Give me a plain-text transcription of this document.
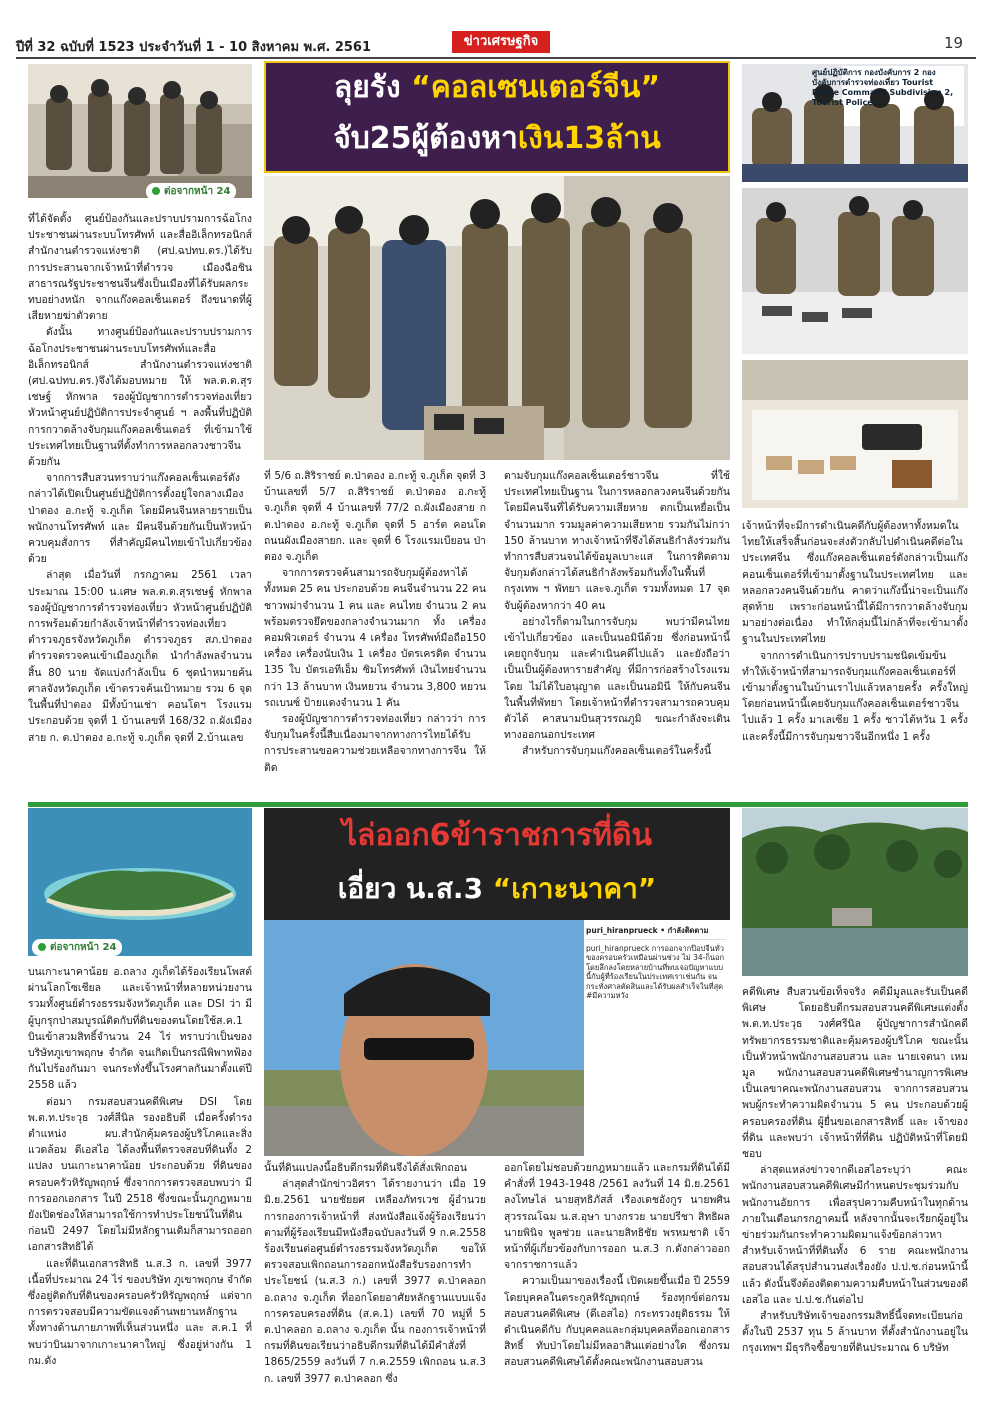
ปีที่ 32 ฉบับที่ 1523 ประจำวันที่ 1 - 10 สิงหาคม พ.ศ. 2561	ข่าวเศรษฐกิจ	19
ต่อจากหน้า 24
ลุยรัง “คอลเซนเตอร์จีน”
จับ25ผู้ต้องหาเงิน13ล้าน
ศูนย์ปฏิบัติการ กองบังคับการ 2 กองบังคับการตำรวจท่องเที่ยว Tourist Police Command Subdivision 2, Tourist Police

ที่ได้จัดตั้ง ศูนย์ป้องกันและปราบปรามการฉ้อโกงประชาชนผ่านระบบโทรศัพท์ และสื่ออิเล็กทรอนิกส์ สำนักงานตำรวจแห่งชาติ (ศป.ฉปทบ.ตร.)ได้รับการประสานจากเจ้าหน้าที่ตำรวจ เมืองฉือชิน สาธารณรัฐประชาชนจีนซึ่งเป็นเมืองที่ได้รับผลกระทบอย่างหนัก จากแก๊งคอลเซ็นเตอร์ ถึงขนาดที่ผู้เสียหายฆ่าตัวตาย

ดังนั้น ทางศูนย์ป้องกันและปราบปรามการฉ้อโกงประชาชนผ่านระบบโทรศัพท์และสื่ออิเล็กทรอนิกส์ สำนักงานตำรวจแห่งชาติ (ศป.ฉปทบ.ตร.)จึงได้มอบหมาย ให้ พล.ต.ต.สุรเชษฐ์ หักพาล รองผู้บัญชาการตำรวจท่องเที่ยวหัวหน้าศูนย์ปฏิบัติการประจำศูนย์ ฯ ลงพื้นที่ปฏิบัติการกวาดล้างจับกุมแก๊งคอลเซ็นเตอร์ ที่เข้ามาใช้ประเทศไทยเป็นฐานที่ตั้งทำการหลอกลวงชาวจีนด้วยกัน

จากการสืบสวนทราบว่าแก๊งคอลเซ็นเตอร์ดังกล่าวได้เปิดเป็นศูนย์ปฏิบัติการตั้งอยู่ใจกลางเมืองป่าตอง อ.กะทู้ จ.ภูเก็ต โดยมีคนจีนหลายรายเป็นพนักงานโทรศัพท์ และ มีคนจีนด้วยกันเป็นหัวหน้าควบคุมสั่งการ ที่สำคัญมีคนไทยเข้าไปเกี่ยวข้องด้วย

ล่าสุด เมื่อวันที่ กรกฎาคม 2561 เวลาประมาณ 15:00 น.เศษ พล.ต.ต.สุรเชษฐ์ หักพาล รองผู้บัญชาการตำรวจท่องเที่ยว หัวหน้าศูนย์ปฏิบัติการพร้อมด้วยกำลังเจ้าหน้าที่ตำรวจท่องเที่ยว ตำรวจภูธรจังหวัดภูเก็ต ตำรวจภูธร สภ.ป่าตอง ตำรวจตรวจคนเข้าเมืองภูเก็ต นำกำลังพลจำนวนสิ้น 80 นาย จัดแบ่งกำลังเป็น 6 ชุดนำหมายค้นศาลจังหวัดภูเก็ต เข้าตรวจค้นเป้าหมาย รวม 6 จุด ในพื้นที่ป่าตอง มีทั้งบ้านเช่า คอนโดฯ โรงแรม ประกอบด้วย จุดที่ 1 บ้านเลขที่ 168/32 ถ.ผังเมือง สาย ก. ต.ป่าตอง อ.กะทู้ จ.ภูเก็ต จุดที่ 2.บ้านเลข

ที่ 5/6 ถ.สิริราชย์ ต.ป่าตอง อ.กะทู้ จ.ภูเก็ต จุดที่ 3 บ้านเลขที่ 5/7 ถ.สิริราชย์ ต.ป่าตอง อ.กะทู้ จ.ภูเก็ต จุดที่ 4 บ้านเลขที่ 77/2 ถ.ผังเมืองสาย ก ต.ป่าตอง อ.กะทู้ จ.ภูเก็ต จุดที่ 5 อาร์ต คอนโด ถนนผังเมืองสายก. และ จุดที่ 6 โรงแรมเบียอน ป่าตอง จ.ภูเก็ต

จากการตรวจค้นสามารถจับกุมผู้ต้องหาได้ทั้งหมด 25 คน ประกอบด้วย คนจีนจำนวน 22 คน ชาวพม่าจำนวน 1 คน และ คนไทย จำนวน 2 คน พร้อมตรวจยึดของกลางจำนวนมาก ทั้ง เครื่องคอมพิวเตอร์ จำนวน 4 เครื่อง โทรศัพท์มือถือ150 เครื่อง เครื่องนับเงิน 1 เครื่อง บัตรเครดิต จำนวน 135 ใบ บัตรเอทีเอ็ม ซิมโทรศัพท์ เงินไทยจำนวนกว่า 13 ล้านบาท เงินหยวน จำนวน 3,800 หยวน รถเบนซ์ ป้ายแดงจำนวน 1 คัน

รองผู้บัญชาการตำรวจท่องเที่ยว กล่าวว่า การจับกุมในครั้งนี้สืบเนื่องมาจากทางการไทยได้รับการประสานขอความช่วยเหลือจากทางการจีน ให้ติด

ตามจับกุมแก๊งคอลเซ็นเตอร์ชาวจีน ที่ใช้ประเทศไทยเป็นฐาน ในการหลอกลวงคนจีนด้วยกัน โดยมีคนจีนที่ได้รับความเสียหาย ตกเป็นเหยื่อเป็นจำนวนมาก รวมมูลค่าความเสียหาย รวมกันไม่กว่า 150 ล้านบาท ทางเจ้าหน้าที่จึงได้สนธิกำลังร่วมกันทำการสืบสวนจนได้ข้อมูลเบาะแส ในการติดตามจับกุมดังกล่าวได้สนธิกำลังพร้อมกันทั้งในพื้นที่ กรุงเทพ ฯ พัทยา และจ.ภูเก็ต รวมทั้งหมด 17 จุด จับผู้ต้องหากว่า 40 คน

อย่างไรก็ตามในการจับกุม พบว่ามีคนไทยเข้าไปเกี่ยวข้อง และเป็นนอมินีด้วย ซึ่งก่อนหน้านี้เคยถูกจับกุม และคำเนินคดีไปแล้ว และยังถือว่าเป็นเป็นผู้ต้องหารายสำคัญ ที่มีการก่อสร้างโรงแรมโดย ไม่ได้ใบอนุญาต และเป็นนอมินี ให้กับคนจีนในพื้นที่พัทยา โดยเจ้าหน้าที่ตำรวจสามารถควบคุมตัวได้ คาสนามบินสุวรรณภูมิ ขณะกำลังจะเดินทางออกนอกประเทศ

สำหรับการจับกุมแก๊งคอลเซ็นเตอร์ในครั้งนี้

เจ้าหน้าที่จะมีการดำเนินคดีกับผู้ต้องหาทั้งหมดในไทยให้เสร็จสิ้นก่อนจะส่งตัวกลับไปดำเนินคดีต่อในประเทศจีน ซึ่งแก๊งคอลเซ็นเตอร์ดังกล่าวเป็นแก๊งคอนเซ็นเตอร์ที่เข้ามาตั้งฐานในประเทศไทย และหลอกลวงคนจีนด้วยกัน คาดว่าแก๊งนี้น่าจะเป็นแก๊งสุดท้าย เพราะก่อนหน้านี้ได้มีการกวาดล้างจับกุมมาอย่างต่อเนื่อง ทำให้กลุ่มนี้ไม่กล้าที่จะเข้ามาตั้งฐานในประเทศไทย

จากการดำเนินการปราบปรามชนิดเข้มข้นทำให้เจ้าหน้าที่สามารถจับกุมแก๊งคอลเซ็นเตอร์ที่เข้ามาตั้งฐานในบ้านเราไปแล้วหลายครั้ง ครั้งใหญ่ โดยก่อนหน้านี้เคยจับกุมแก๊งคอลเซ็นเตอร์ชาวจีน ไปแล้ว 1 ครั้ง มาเลเซีย 1 ครั้ง ชาวไต้หวัน 1 ครั้ง และครั้งนี้มีการจับกุมชาวจีนอีกหนึ่ง 1 ครั้ง

ต่อจากหน้า 24
ไล่ออก6ข้าราชการที่ดิน
เอี่ยว น.ส.3 “เกาะนาคา”
puri_hiranprueck • กำลังติดตาม
puri_hiranprueck การออกจากป๊อปจีนทั่วของครอบครัวเหมือนผ่านช่วง ไม่ 34-ก็นอก โดยลึกลงโดยหลายบ้านที่พบเจอปัญหาแบบนี้กับผู้ที่ร้องเรียนในประเทศเราเช่นกัน จนกระทั่งศาลตัดสินและได้รับผลสำเร็จในที่สุด #มีความหวัง

บนเกาะนาคาน้อย อ.ถลาง ภูเก็ตได้ร้องเรียนโพสต์ผ่านโลกโซเชียล และเจ้าหน้าที่หลายหน่วยงาน รวมทั้งศูนย์ดำรงธรรมจังหวัดภูเก็ต และ DSI ว่า มีผู้บุกรุกป่าสมบูรณ์ติดกับที่ดินของตนโดยใช้ส.ค.1 บินเข้าสวมสิทธิ์จำนวน 24 ไร่ ทราบว่าเป็นของบริษัทภูเขาพฤกษ จำกัด จนเกิดเป็นกรณีพิพาทฟ้องกันไปร้องกันมา จนกระทั่งขึ้นโรงศาลกันมาตั้งแต่ปี 2558 แล้ว

ต่อมา กรมสอบสวนคดีพิเศษ DSI โดย พ.ต.ท.ประวุธ วงศ์สีนิล รองอธิบดี เมื่อครั้งดำรงตำแหน่ง ผบ.สำนักคุ้มครองผู้บริโภคและสิ่งแวดล้อม ดีเอสไอ ได้ลงพื้นที่ตรวจสอบที่ดินทั้ง 2 แปลง บนเกาะนาคาน้อย ประกอบด้วย ที่ดินของครอบครัวหิรัญพฤกษ์ ซึ่งจากการตรวจสอบพบว่า มีการออกเอกสาร ในปี 2518 ซึ่งขณะนั้นภูกฎหมายยังเปิดช่องให้สามารถใช้การทำประโยชน์ในที่ดินก่อนปี 2497 โดยไม่มีหลักฐานเดิมก็สามารถออกเอกสารสิทธิได้

และที่ดินเอกสารสิทธิ น.ส.3 ก. เลขที่ 3977 เนื้อที่ประมาณ 24 ไร่ ของบริษัท ภูเขาพฤกษ จำกัด ซึ่งอยู่ติดกับที่ดินของครอบครัวหิรัญพฤกษ์ แต่จากการตรวจสอบมีความขัดแจงด้านพยานหลักฐาน ทั้งทางด้านภายภาพที่เห็นส่วนหนึ่ง และ ส.ค.1 ที่พบว่าบินมาจากเกาะนาคาใหญ่ ซึ่งอยู่ห่างกัน 1 กม.ดัง

นั้นที่ดินแปลงนี้อธิบดีกรมที่ดินจึงได้สั่งเพิกถอน

ล่าสุดสำนักข่าวอิศรา ได้รายงานว่า เมื่อ 19 มิ.ย.2561 นายชัยยศ เหลืองภัทรเวช ผู้อำนวยการกองการเจ้าหน้าที่ ส่งหนังสือแจ้งผู้ร้องเรียนว่าตามที่ผู้ร้องเรียนมีหนังสือฉบับลงวันที่ 9 ก.ค.2558 ร้องเรียนต่อศูนย์ดำรงธรรมจังหวัดภูเก็ต ขอให้ตรวจสอบเพิกถอนการออกหนังสือรับรองการทำประโยชน์ (น.ส.3 ก.) เลขที่ 3977 ต.ป่าคลอก อ.ถลาง จ.ภูเก็ต ที่ออกโดยอาศัยหลักฐานแบบแจ้งการครอบครองที่ดิน (ส.ค.1) เลขที่ 70 หมู่ที่ 5 ต.ป่าคลอก อ.ถลาง จ.ภูเก็ต นั้น กองการเจ้าหน้าที่ กรมที่ดินขอเรียนว่าอธิบดีกรมที่ดินได้มีคำสั่งที่ 1865/2559 ลงวันที่ 7 ก.ค.2559 เพิกถอน น.ส.3 ก. เลขที่ 3977 ต.ป่าคลอก ซึ่ง

ออกโดยไม่ชอบด้วยกฎหมายแล้ว และกรมที่ดินได้มีคำสั่งที่ 1943-1948 /2561 ลงวันที่ 14 มิ.ย.2561 ลงโทษไล่ นายสุทธิภัสส์ เรืองเดชอังกูร นายพศิน สุวรรณโฉม น.ส.อุษา บางกรวย นายปรีชา สิทธิผล นายพินิจ พูลช่วย และนายสิทธิชัย พรหมชาติ เจ้าหน้าที่ผู้เกี่ยวข้องกับการออก น.ส.3 ก.ดังกล่าวออกจากราชการแล้ว

ความเป็นมาของเรื่องนี้ เปิดเผยขึ้นเมื่อ ปี 2559 โดยบุคคลในตระกูลหิรัญพฤกษ์ ร้องทุกข์ต่อกรมสอบสวนคดีพิเศษ (ดีเอสไอ) กระทรวงยุติธรรม ให้ดำเนินคดีกับ กับบุคคลและกลุ่มบุคคลที่ออกเอกสารสิทธิ์ ทับป่าโดยไม่มีหลอาสินแต่อย่างใด ซึ่งกรมสอบสวนคดีพิเศษได้ตั้งคณะพนักงานสอบสวน

คดีพิเศษ สืบสวนข้อเท็จจริง คดีมีมูลและรับเป็นคดีพิเศษ โดยอธิบดีกรมสอบสวนคดีพิเศษแต่งตั้ง พ.ต.ท.ประวุธ วงศ์ศรีนิล ผู้บัญชาการสำนักคดีทรัพยากรธรรมชาติและคุ้มครองผู้บริโภค ขณะนั้น เป็นหัวหน้าพนักงานสอบสวน และ นายเจตนา เหมมูล พนักงานสอบสวนคดีพิเศษชำนาญการพิเศษ เป็นเลขาคณะพนักงานสอบสวน จากการสอบสวนพบผู้กระทำความผิดจำนวน 5 คน ประกอบด้วยผู้ครอบครองที่ดิน ผู้ยื่นขอเอกสารสิทธิ์ และ เจ้าของที่ดิน และพบว่า เจ้าหน้าที่ที่ดิน ปฏิบัติหน้าที่โดยมิชอบ

ล่าสุดแหล่งข่าวจากดีเอสไอระบุว่า คณะพนักงานสอบสวนคดีพิเศษมีกำหนดประชุมร่วมกับพนักงานอัยการ เพื่อสรุปความคืบหน้าในทุกด้านภายในเดือนกรกฎาคมนี้ หลังจากนั้นจะเรียกผู้อยู่ในข่ายร่วมกันกระทำความผิดมาแจ้งข้อกล่าวหา สำหรับเจ้าหน้าที่ที่ดินทั้ง 6 ราย คณะพนักงานสอบสวนได้สรุปสำนวนส่งเรื่องยัง ป.ป.ช.ก่อนหน้านี้แล้ว ดังนั้นจึงต้องติดตามความคืบหน้าในส่วนของดีเอสไอ และ ป.ป.ช.กันต่อไป

สำหรับบริษัทเจ้าของกรรมสิทธิ์นี้จดทะเบียนก่อตั้งในปี 2537 ทุน 5 ล้านบาท ที่ตั้งสำนักงานอยู่ในกรุงเทพฯ มีธุรกิจซื้อขายที่ดินประมาณ 6 บริษัท
